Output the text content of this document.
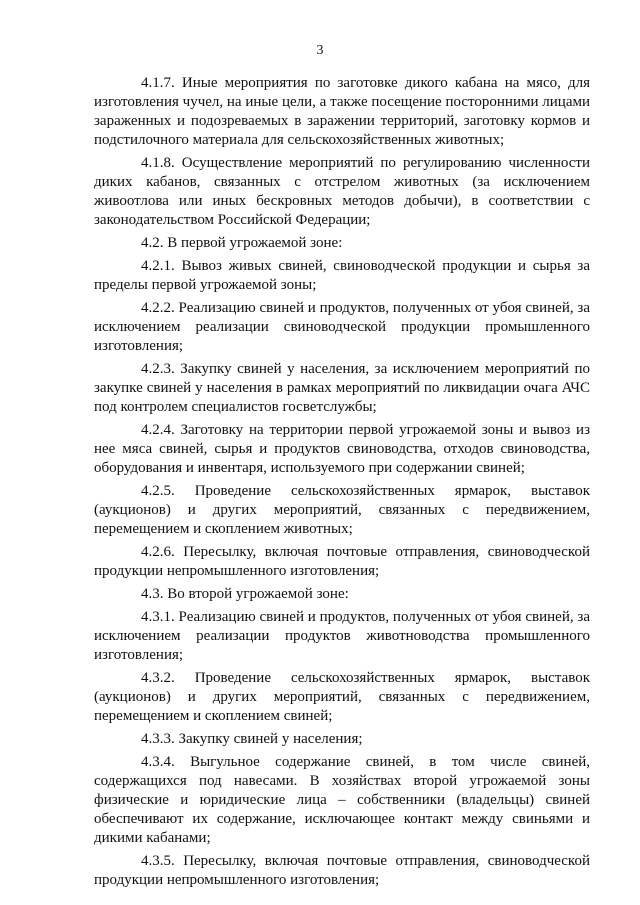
3

4.1.7. Иные мероприятия по заготовке дикого кабана на мясо, для изготовления чучел, на иные цели, а также посещение посторонними лицами зараженных и подозреваемых в заражении территорий, заготовку кормов и подстилочного материала для сельскохозяйственных животных;

4.1.8. Осуществление мероприятий по регулированию численности диких кабанов, связанных с отстрелом животных (за исключением живоотлова или иных бескровных методов добычи), в соответствии с законодательством Российской Федерации;

4.2. В первой угрожаемой зоне:

4.2.1. Вывоз живых свиней, свиноводческой продукции и сырья за пределы первой угрожаемой зоны;

4.2.2. Реализацию свиней и продуктов, полученных от убоя свиней, за исключением реализации свиноводческой продукции промышленного изготовления;

4.2.3. Закупку свиней у населения, за исключением мероприятий по закупке свиней у населения в рамках мероприятий по ликвидации очага АЧС под контролем специалистов госветслужбы;

4.2.4. Заготовку на территории первой угрожаемой зоны и вывоз из нее мяса свиней, сырья и продуктов свиноводства, отходов свиноводства, оборудования и инвентаря, используемого при содержании свиней;

4.2.5. Проведение сельскохозяйственных ярмарок, выставок (аукционов) и других мероприятий, связанных с передвижением, перемещением и скоплением животных;

4.2.6. Пересылку, включая почтовые отправления, свиноводческой продукции непромышленного изготовления;

4.3. Во второй угрожаемой зоне:

4.3.1. Реализацию свиней и продуктов, полученных от убоя свиней, за исключением реализации продуктов животноводства промышленного изготовления;

4.3.2. Проведение сельскохозяйственных ярмарок, выставок (аукционов) и других мероприятий, связанных с передвижением, перемещением и скоплением свиней;

4.3.3. Закупку свиней у населения;

4.3.4. Выгульное содержание свиней, в том числе свиней, содержащихся под навесами. В хозяйствах второй угрожаемой зоны физические и юридические лица – собственники (владельцы) свиней обеспечивают их содержание, исключающее контакт между свиньями и дикими кабанами;

4.3.5. Пересылку, включая почтовые отправления, свиноводческой продукции непромышленного изготовления;
